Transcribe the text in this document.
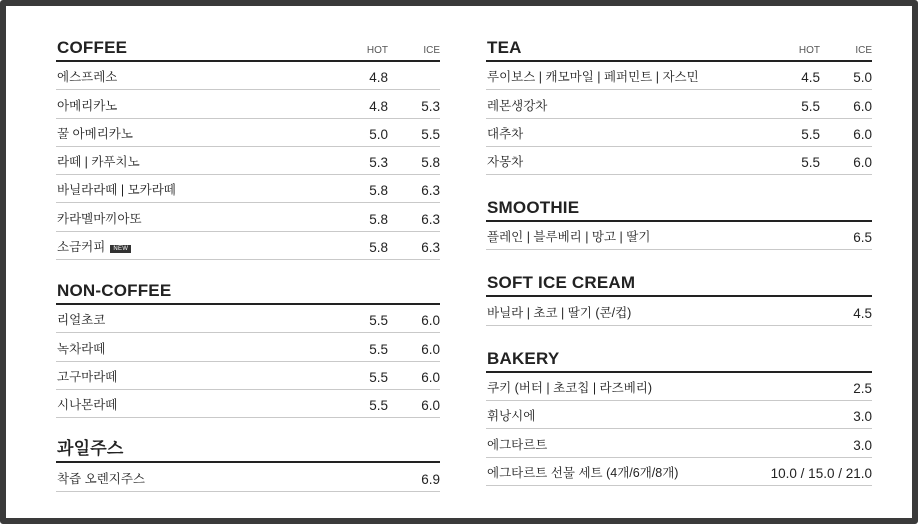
COFFEE	HOT	ICE
에스프레소	4.8
아메리카노	4.8	5.3
꿀 아메리카노	5.0	5.5
라떼 | 카푸치노	5.3	5.8
바닐라라떼 | 모카라떼	5.8	6.3
카라멜마끼아또	5.8	6.3
소금커피 NEW	5.8	6.3
NON-COFFEE
리얼초코	5.5	6.0
녹차라떼	5.5	6.0
고구마라떼	5.5	6.0
시나몬라떼	5.5	6.0
과일주스
착즙 오렌지주스	6.9
TEA	HOT	ICE
루이보스 | 캐모마일 | 페퍼민트 | 자스민	4.5	5.0
레몬생강차	5.5	6.0
대추차	5.5	6.0
자몽차	5.5	6.0
SMOOTHIE
플레인 | 블루베리 | 망고 | 딸기	6.5
SOFT ICE CREAM
바닐라 | 초코 | 딸기 (콘/컵)	4.5
BAKERY
쿠키 (버터 | 초코칩 | 라즈베리)	2.5
휘낭시에	3.0
에그타르트	3.0
에그타르트 선물 세트 (4개/6개/8개)	10.0 / 15.0 / 21.0
